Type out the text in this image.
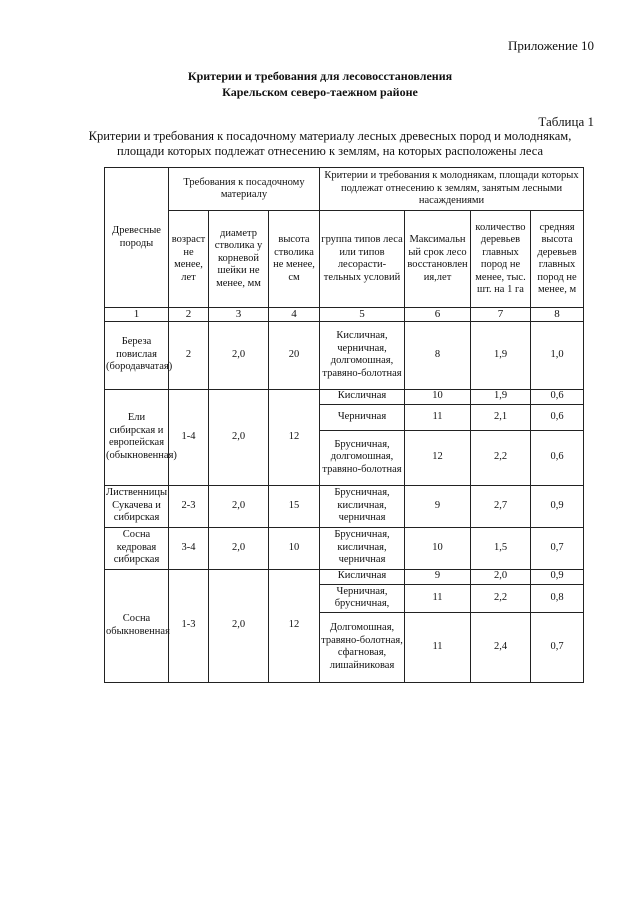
Приложение 10
Критерии и требования для лесовосстановления
Карельском северо-таежном районе
Таблица 1
Критерии и требования к посадочному материалу лесных древесных пород и молоднякам,
площади которых подлежат отнесению к землям, на которых расположены леса
Древесные породы	Требования к посадочному материалу			Критерии и требования к молоднякам, площади которых подлежат отнесению к землям, занятым лесными насаждениями			
	возраст не менее, лет	диаметр стволика у корневой шейки не менее, мм	высота стволика не менее, см	группа типов леса или типов лесорасти-тельных условий	Максимальный срок лесовосстановления,лет	количество деревьев главных пород не менее, тыс. шт. на 1 га	средняя высота деревьев главных пород не менее, м
1	2	3	4	5	6	7	8
Береза повислая (бородавчатая)	2	2,0	20	Кисличная, черничная, долгомошная, травяно-болотная	8	1,9	1,0
Ели сибирская и европейская (обыкновенная)	1-4	2,0	12	Кисличная	10	1,9	0,6
				Черничная	11	2,1	0,6
				Брусничная, долгомошная, травяно-болотная	12	2,2	0,6
Лиственницы Сукачева и сибирская	2-3	2,0	15	Брусничная, кисличная, черничная	9	2,7	0,9
Сосна кедровая сибирская	3-4	2,0	10	Брусничная, кисличная, черничная	10	1,5	0,7
Сосна обыкновенная	1-3	2,0	12	Кисличная	9	2,0	0,9
				Черничная, брусничная,	11	2,2	0,8
				Долгомошная, травяно-болотная, сфагновая, лишайниковая	11	2,4	0,7
